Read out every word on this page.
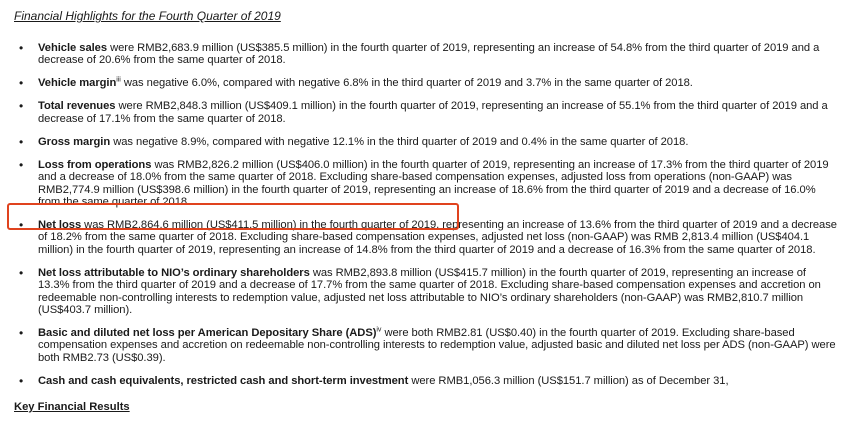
Financial Highlights for the Fourth Quarter of 2019
• Vehicle sales were RMB2,683.9 million (US$385.5 million) in the fourth quarter of 2019, representing an increase of 54.8% from the third quarter of 2019 and a decrease of 20.6% from the same quarter of 2018.
• Vehicle margin$^{iii}$ was negative 6.0%, compared with negative 6.8% in the third quarter of 2019 and 3.7% in the same quarter of 2018.
• Total revenues were RMB2,848.3 million (US$409.1 million) in the fourth quarter of 2019, representing an increase of 55.1% from the third quarter of 2019 and a decrease of 17.1% from the same quarter of 2018.
• Gross margin was negative 8.9%, compared with negative 12.1% in the third quarter of 2019 and 0.4% in the same quarter of 2018.
• Loss from operations was RMB2,826.2 million (US$406.0 million) in the fourth quarter of 2019, representing an increase of 17.3% from the third quarter of 2019 and a decrease of 18.0% from the same quarter of 2018. Excluding share-based compensation expenses, adjusted loss from operations (non-GAAP) was RMB2,774.9 million (US$398.6 million) in the fourth quarter of 2019, representing an increase of 18.6% from the third quarter of 2019 and a decrease of 16.0% from the same quarter of 2018.
• Net loss was RMB2,864.6 million (US$411.5 million) in the fourth quarter of 2019, representing an increase of 13.6% from the third quarter of 2019 and a decrease of 18.2% from the same quarter of 2018. Excluding share-based compensation expenses, adjusted net loss (non-GAAP) was RMB 2,813.4 million (US$404.1 million) in the fourth quarter of 2019, representing an increase of 14.8% from the third quarter of 2019 and a decrease of 16.3% from the same quarter of 2018.
• Net loss attributable to NIO’s ordinary shareholders was RMB2,893.8 million (US$415.7 million) in the fourth quarter of 2019, representing an increase of 13.3% from the third quarter of 2019 and a decrease of 17.7% from the same quarter of 2018. Excluding share-based compensation expenses and accretion on redeemable non-controlling interests to redemption value, adjusted net loss attributable to NIO’s ordinary shareholders (non-GAAP) was RMB2,810.7 million (US$403.7 million).
• Basic and diluted net loss per American Depositary Share (ADS)$^{iv}$ were both RMB2.81 (US$0.40) in the fourth quarter of 2019. Excluding share-based compensation expenses and accretion on redeemable non-controlling interests to redemption value, adjusted basic and diluted net loss per ADS (non-GAAP) were both RMB2.73 (US$0.39).
• Cash and cash equivalents, restricted cash and short-term investment were RMB1,056.3 million (US$151.7 million) as of December 31,
Key Financial Results
